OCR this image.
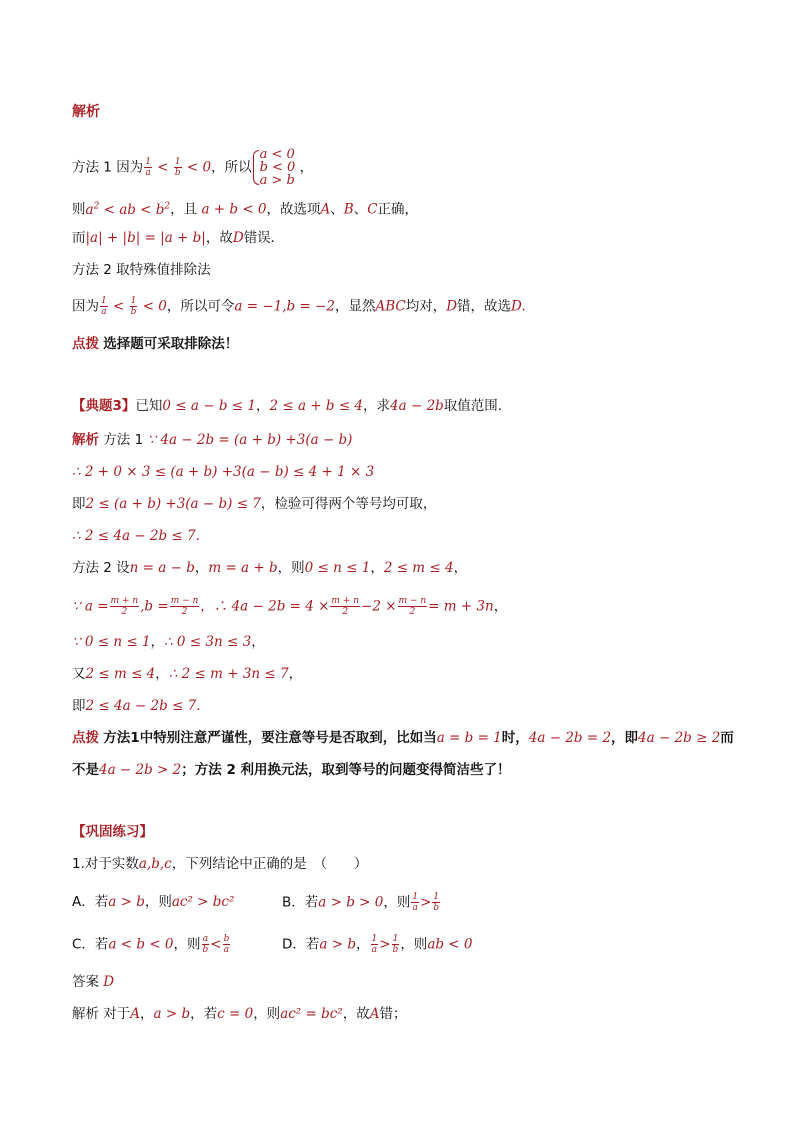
解析
方法 1 因为 $\frac{1}{a} < \frac{1}{b} < 0$，所以
a < 0
b < 0
a > b
，
则$a^2$ < ab < $b^2$，且 a + b < 0，故选项A、B、C正确，
而|a| + |b| = |a + b|，故D错误.
方法 2 取特殊值排除法
因为 $\frac{1}{a} < \frac{1}{b} < 0$，所以可令a = −1,b = −2，显然ABC均对，D错，故选D.
点拨 选择题可采取排除法！
【典题3】已知0 ≤ a − b ≤ 1，2 ≤ a + b ≤ 4，求4a − 2b取值范围.
解析 方法 1 ∵ 4a − 2b = (a + b) +3(a − b)
∴ 2 + 0 × 3 ≤ (a + b) +3(a − b) ≤ 4 + 1 × 3
即2 ≤ (a + b) +3(a − b) ≤ 7，检验可得两个等号均可取，
∴ 2 ≤ 4a − 2b ≤ 7.
方法 2 设n = a − b，m = a + b，则0 ≤ n ≤ 1，2 ≤ m ≤ 4，
∵ $a = \frac{m + n}{2} ,b = \frac{m - n}{2}$ ，∴ $4a - 2b = 4 \times \frac{m + n}{2} -2 \times \frac{m - n}{2} = m + 3n$，
∵ 0 ≤ n ≤ 1，∴ 0 ≤ 3n ≤ 3，
又2 ≤ m ≤ 4，∴ 2 ≤ m + 3n ≤ 7，
即2 ≤ 4a − 2b ≤ 7.
点拨 方法1中特别注意严谨性，要注意等号是否取到，比如当a = b = 1时，4a − 2b = 2，即4a − 2b ≥ 2而
不是4a − 2b > 2；方法 2 利用换元法，取到等号的问题变得简洁些了！
【巩固练习】
1.对于实数a,b,c，下列结论中正确的是　（　　）
A．若a > b，则ac² > bc²	B．若a > b > 0，则 $\frac{1}{a} > \frac{1}{b}$
C．若a < b < 0，则 $\frac{a}{b} < \frac{b}{a}$	D．若a > b， $\frac{1}{a} > \frac{1}{b}$ ，则ab < 0
答案 D
解析 对于A，a > b，若c = 0，则ac² = bc²，故A错；
